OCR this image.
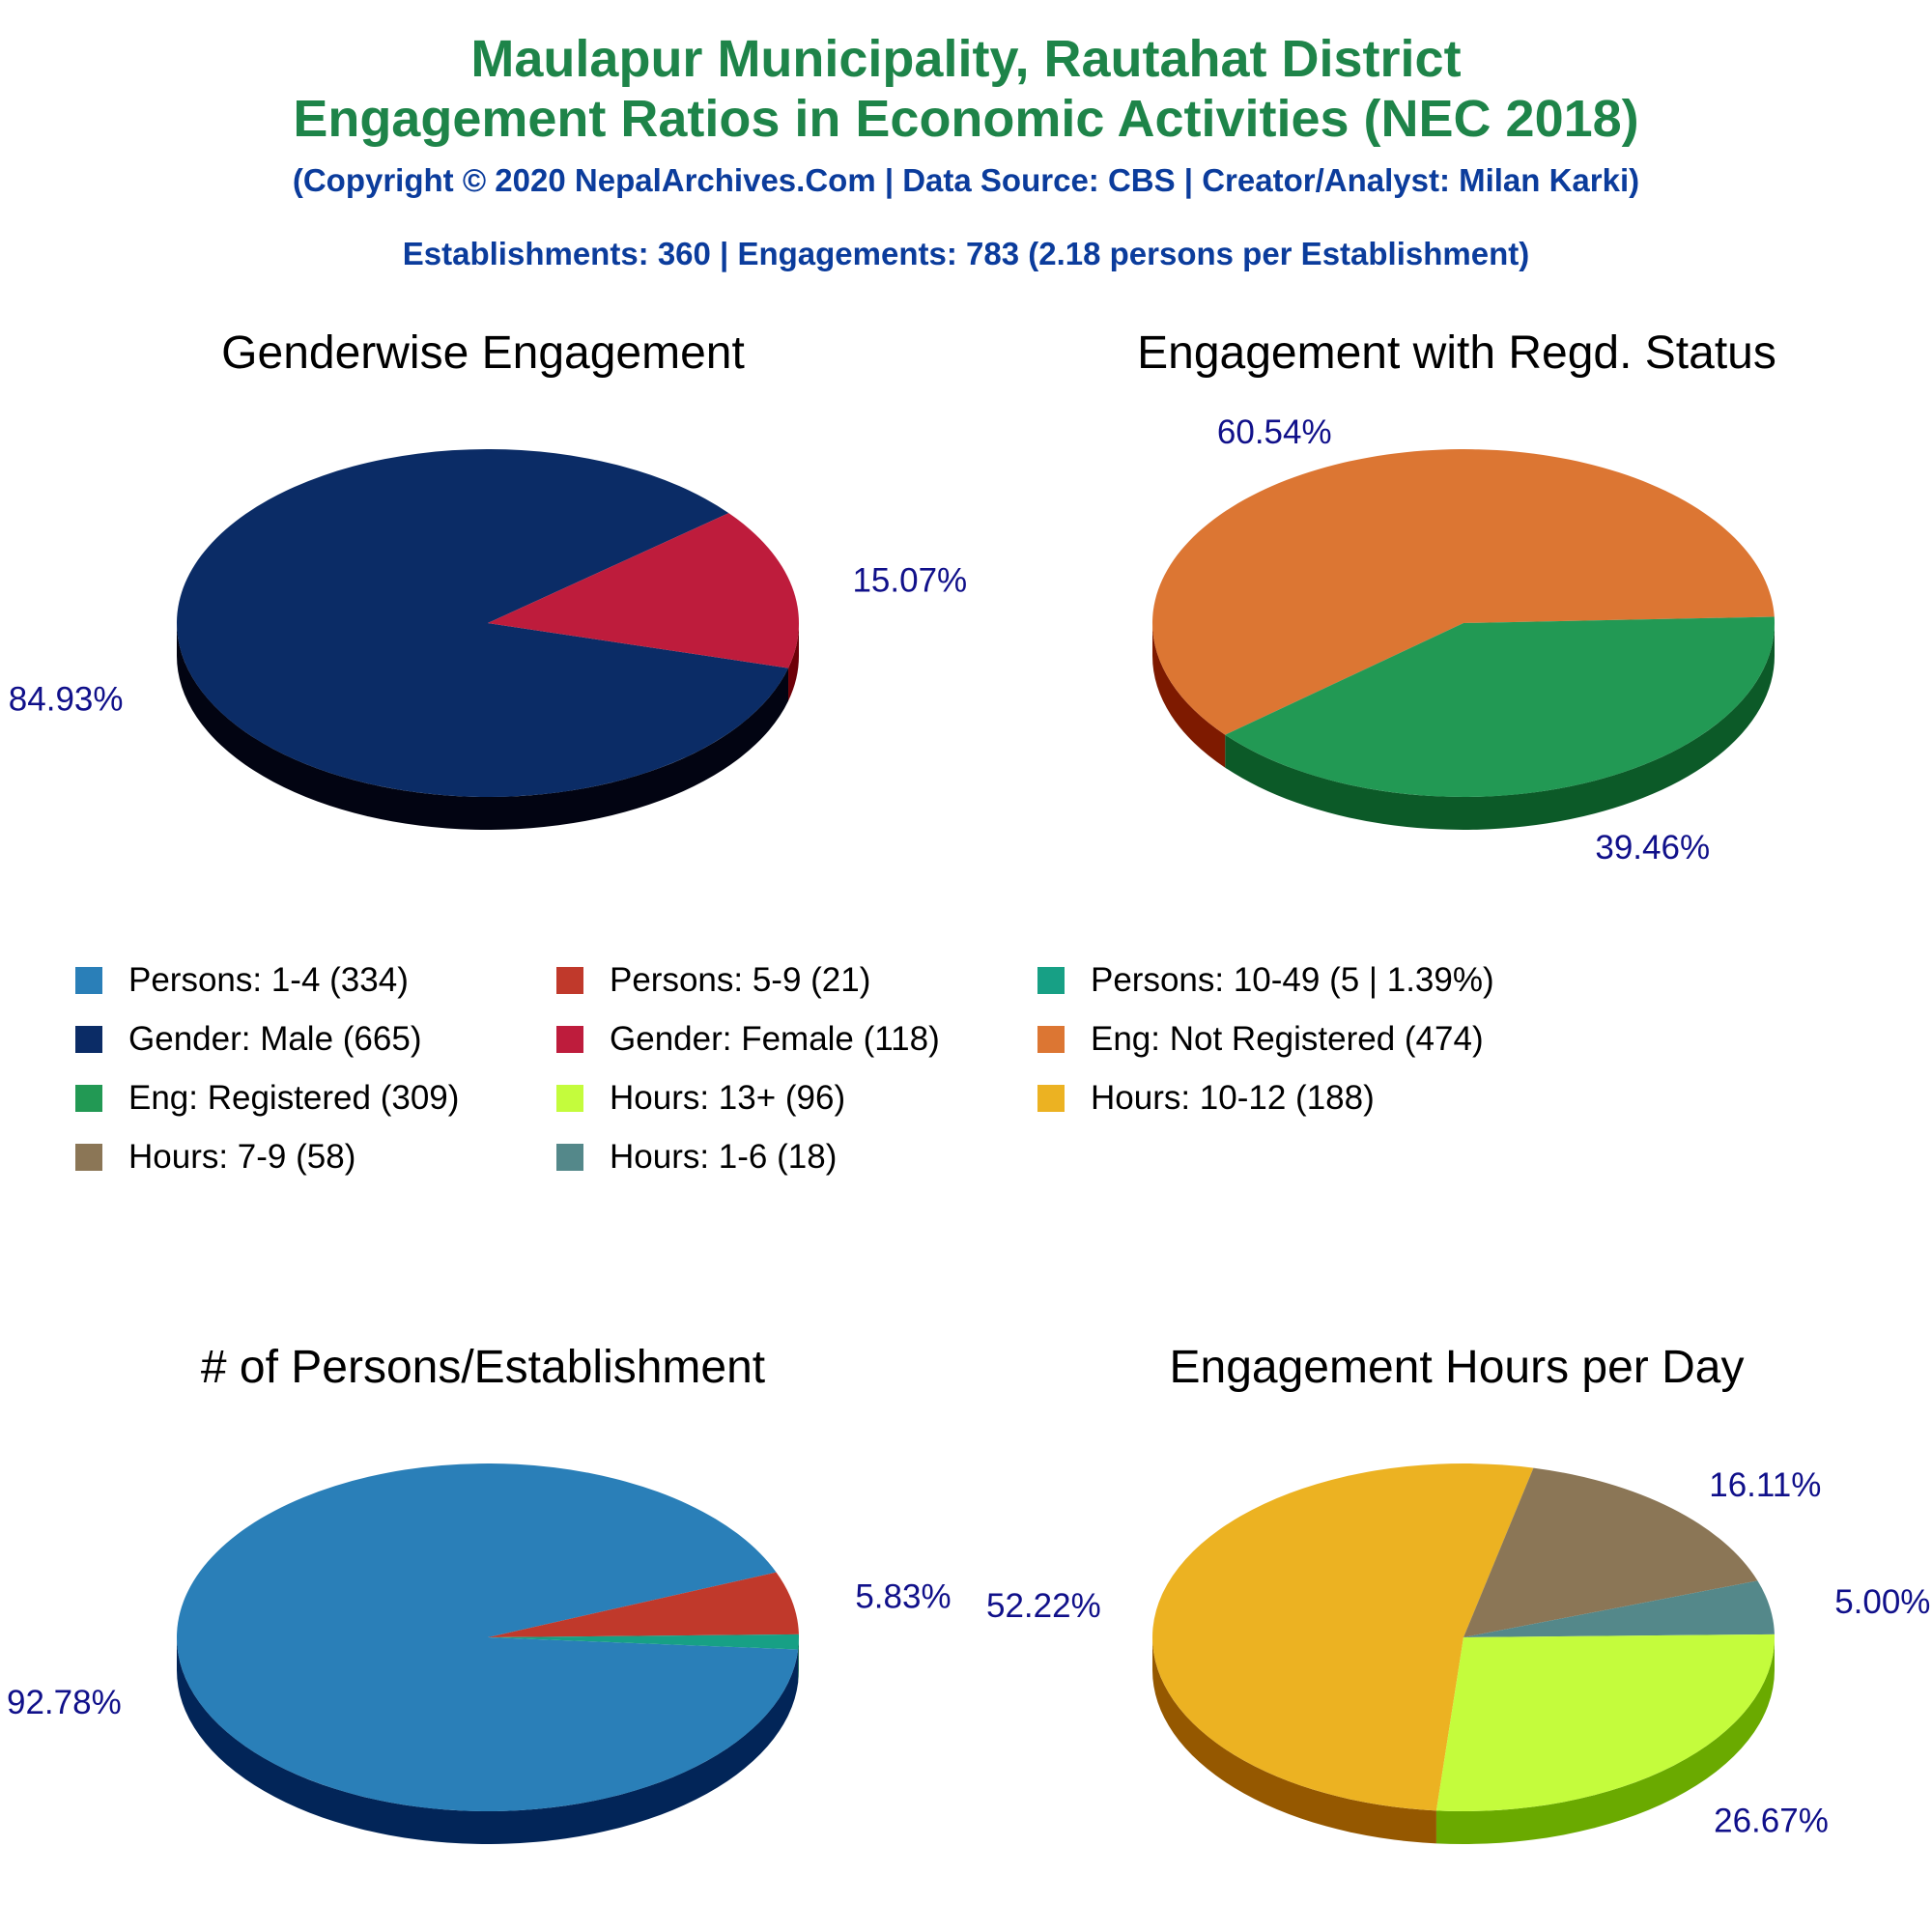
Maulapur Municipality, Rautahat District
Engagement Ratios in Economic Activities (NEC 2018)
(Copyright © 2020 NepalArchives.Com | Data Source: CBS | Creator/Analyst: Milan Karki)
Establishments: 360 | Engagements: 783 (2.18 persons per Establishment)
Genderwise Engagement	Engagement with Regd. Status
# of Persons/Establishment	Engagement Hours per Day
84.93%
15.07%
60.54%
39.46%
92.78%
5.83% 52.22%
16.11%
5.00%
26.67%
Persons: 1-4 (334)	Persons: 5-9 (21)	Persons: 10-49 (5 | 1.39%)
Gender: Male (665)	Gender: Female (118)	Eng: Not Registered (474)
Eng: Registered (309)	Hours: 13+ (96)	Hours: 10-12 (188)
Hours: 7-9 (58)	Hours: 1-6 (18)
